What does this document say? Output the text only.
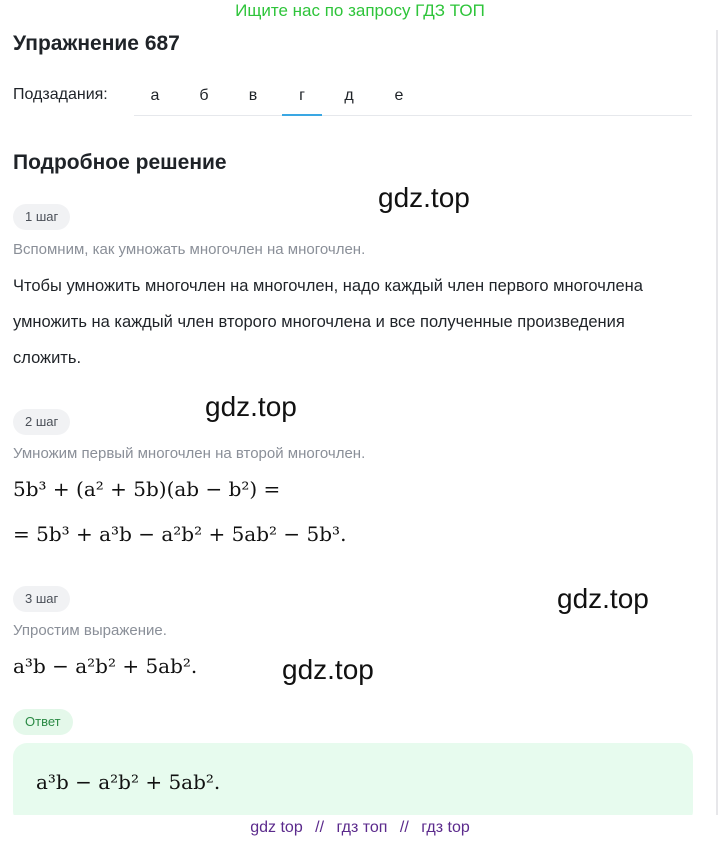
Ищите нас по запросу ГДЗ ТОП
Упражнение 687
Подзадания:	а	б	в	г	д	е
Подробное решение
gdz.top
gdz.top
gdz.top
gdz.top
1 шаг
Вспомним, как умножать многочлен на многочлен.
Чтобы умножить многочлен на многочлен, надо каждый член первого многочлена умножить на каждый член второго многочлена и все полученные произведения сложить.
2 шаг
Умножим первый многочлен на второй многочлен.
5b³ + (a² + 5b)(ab − b²) =
= 5b³ + a³b − a²b² + 5ab² − 5b³.
3 шаг
Упростим выражение.
a³b − a²b² + 5ab².
Ответ
a³b − a²b² + 5ab².
gdz top // гдз топ // гдз top
